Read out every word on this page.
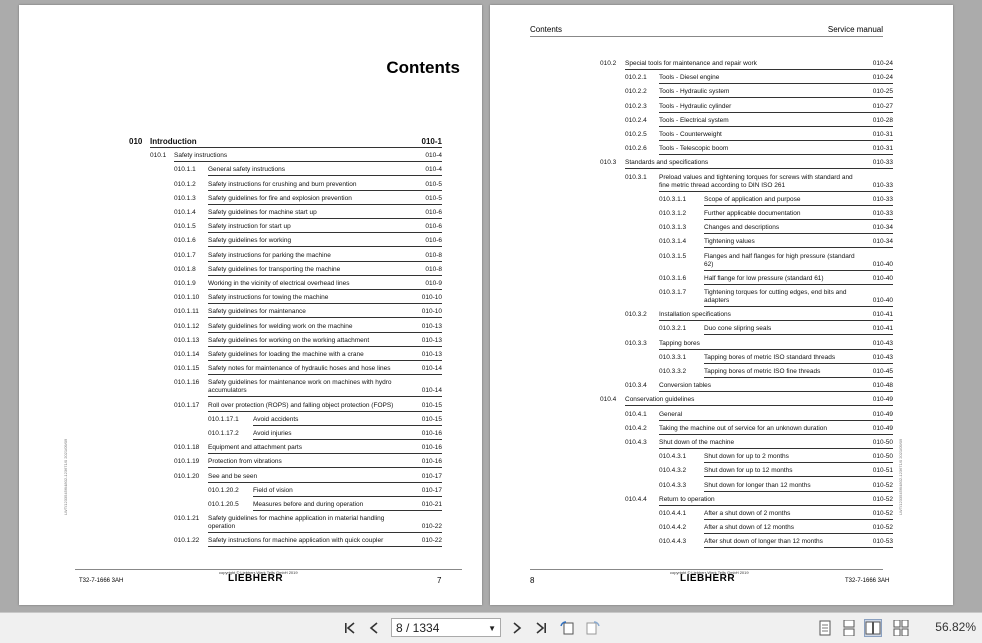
Contents
010 Introduction	010-1
010.1 Safety instructions	010-4
010.1.1 General safety instructions	010-4
010.1.2 Safety instructions for crushing and burn prevention	010-5
010.1.3 Safety guidelines for fire and explosion prevention	010-5
010.1.4 Safety guidelines for machine start up	010-6
010.1.5 Safety instruction for start up	010-6
010.1.6 Safety guidelines for working	010-6
010.1.7 Safety instructions for parking the machine	010-8
010.1.8 Safety guidelines for transporting the machine	010-8
010.1.9 Working in the vicinity of electrical overhead lines	010-9
010.1.10 Safety instructions for towing the machine	010-10
010.1.11 Safety guidelines for maintenance	010-10
010.1.12 Safety guidelines for welding work on the machine	010-13
010.1.13 Safety guidelines for working on the working attachment	010-13
010.1.14 Safety guidelines for loading the machine with a crane	010-13
010.1.15 Safety notes for maintenance of hydraulic hoses and hose lines	010-14
010.1.16 Safety guidelines for maintenance work on machines with hydro accumulators	010-14
010.1.17 Roll over protection (ROPS) and falling object protection (FOPS)	010-15
010.1.17.1 Avoid accidents	010-15
010.1.17.2 Avoid injuries	010-16
010.1.18 Equipment and attachment parts	010-16
010.1.19 Protection from vibrations	010-16
010.1.20 See and be seen	010-17
010.1.20.2 Field of vision	010-17
010.1.20.5 Measures before and during operation	010-21
010.1.21 Safety guidelines for machine application in material handling operation	010-22
010.1.22 Safety instructions for machine application with quick coupler	010-22
T32-7-1666 3AH
copyright © Liebherr-Werk Telfs GmbH 2019
LIEBHERR	7
LWT/12335456/4802-123671/0 2021/09/09
Contents	Service manual
010.2 Special tools for maintenance and repair work	010-24
010.2.1 Tools - Diesel engine	010-24
010.2.2 Tools - Hydraulic system	010-25
010.2.3 Tools - Hydraulic cylinder	010-27
010.2.4 Tools - Electrical system	010-28
010.2.5 Tools - Counterweight	010-31
010.2.6 Tools - Telescopic boom	010-31
010.3 Standards and specifications	010-33
010.3.1 Preload values and tightening torques for screws with standard and fine metric thread according to DIN ISO 261	010-33
010.3.1.1	Scope of application and purpose	010-33
010.3.1.2	Further applicable documentation	010-33
010.3.1.3	Changes and descriptions	010-34
010.3.1.4	Tightening values	010-34
010.3.1.5	Flanges and half flanges for high pressure (standard 62)	010-40
010.3.1.6	Half flange for low pressure (standard 61)	010-40
010.3.1.7	Tightening torques for cutting edges, end bits and adapters	010-40
010.3.2 Installation specifications	010-41
010.3.2.1	Duo cone slipring seals	010-41
010.3.3 Tapping bores	010-43
010.3.3.1	Tapping bores of metric ISO standard threads	010-43
010.3.3.2	Tapping bores of metric ISO fine threads	010-45
010.3.4 Conversion tables	010-48
010.4 Conservation guidelines	010-49
010.4.1 General	010-49
010.4.2 Taking the machine out of service for an unknown duration	010-49
010.4.3 Shut down of the machine	010-50
010.4.3.1	Shut down for up to 2 months	010-50
010.4.3.2	Shut down for up to 12 months	010-51
010.4.3.3	Shut down for longer than 12 months	010-52
010.4.4 Return to operation	010-52
010.4.4.1	After a shut down of 2 months	010-52
010.4.4.2	After a shut down of 12 months	010-52
010.4.4.3	After shut down of longer than 12 months	010-53
8
copyright © Liebherr-Werk Telfs GmbH 2019
LIEBHERR	T32-7-1666 3AH
LWT/12335456/4802-123671/0 2021/09/09
8 / 1334	▼	56.82%
